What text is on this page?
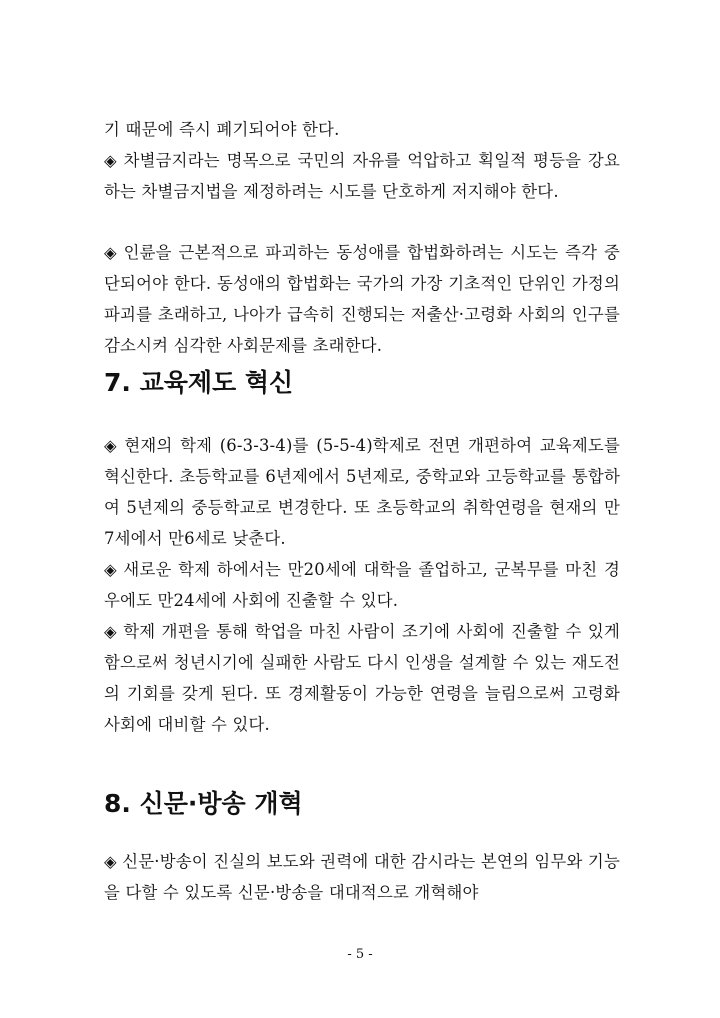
기 때문에 즉시 폐기되어야 한다.

◈ 차별금지라는 명목으로 국민의 자유를 억압하고 획일적 평등을 강요하는 차별금지법을 제정하려는 시도를 단호하게 저지해야 한다.

◈ 인륜을 근본적으로 파괴하는 동성애를 합법화하려는 시도는 즉각 중단되어야 한다. 동성애의 합법화는 국가의 가장 기초적인 단위인 가정의 파괴를 초래하고, 나아가 급속히 진행되는 저출산·고령화 사회의 인구를 감소시켜 심각한 사회문제를 초래한다.

7. 교육제도 혁신

◈ 현재의 학제 (6-3-3-4)를 (5-5-4)학제로 전면 개편하여 교육제도를 혁신한다. 초등학교를 6년제에서 5년제로, 중학교와 고등학교를 통합하여 5년제의 중등학교로 변경한다. 또 초등학교의 취학연령을 현재의 만7세에서 만6세로 낮춘다.

◈ 새로운 학제 하에서는 만20세에 대학을 졸업하고, 군복무를 마친 경우에도 만24세에 사회에 진출할 수 있다.

◈ 학제 개편을 통해 학업을 마친 사람이 조기에 사회에 진출할 수 있게 함으로써 청년시기에 실패한 사람도 다시 인생을 설계할 수 있는 재도전의 기회를 갖게 된다. 또 경제활동이 가능한 연령을 늘림으로써 고령화 사회에 대비할 수 있다.

8. 신문·방송 개혁

◈ 신문·방송이 진실의 보도와 권력에 대한 감시라는 본연의 임무와 기능을 다할 수 있도록 신문·방송을 대대적으로 개혁해야

- 5 -
